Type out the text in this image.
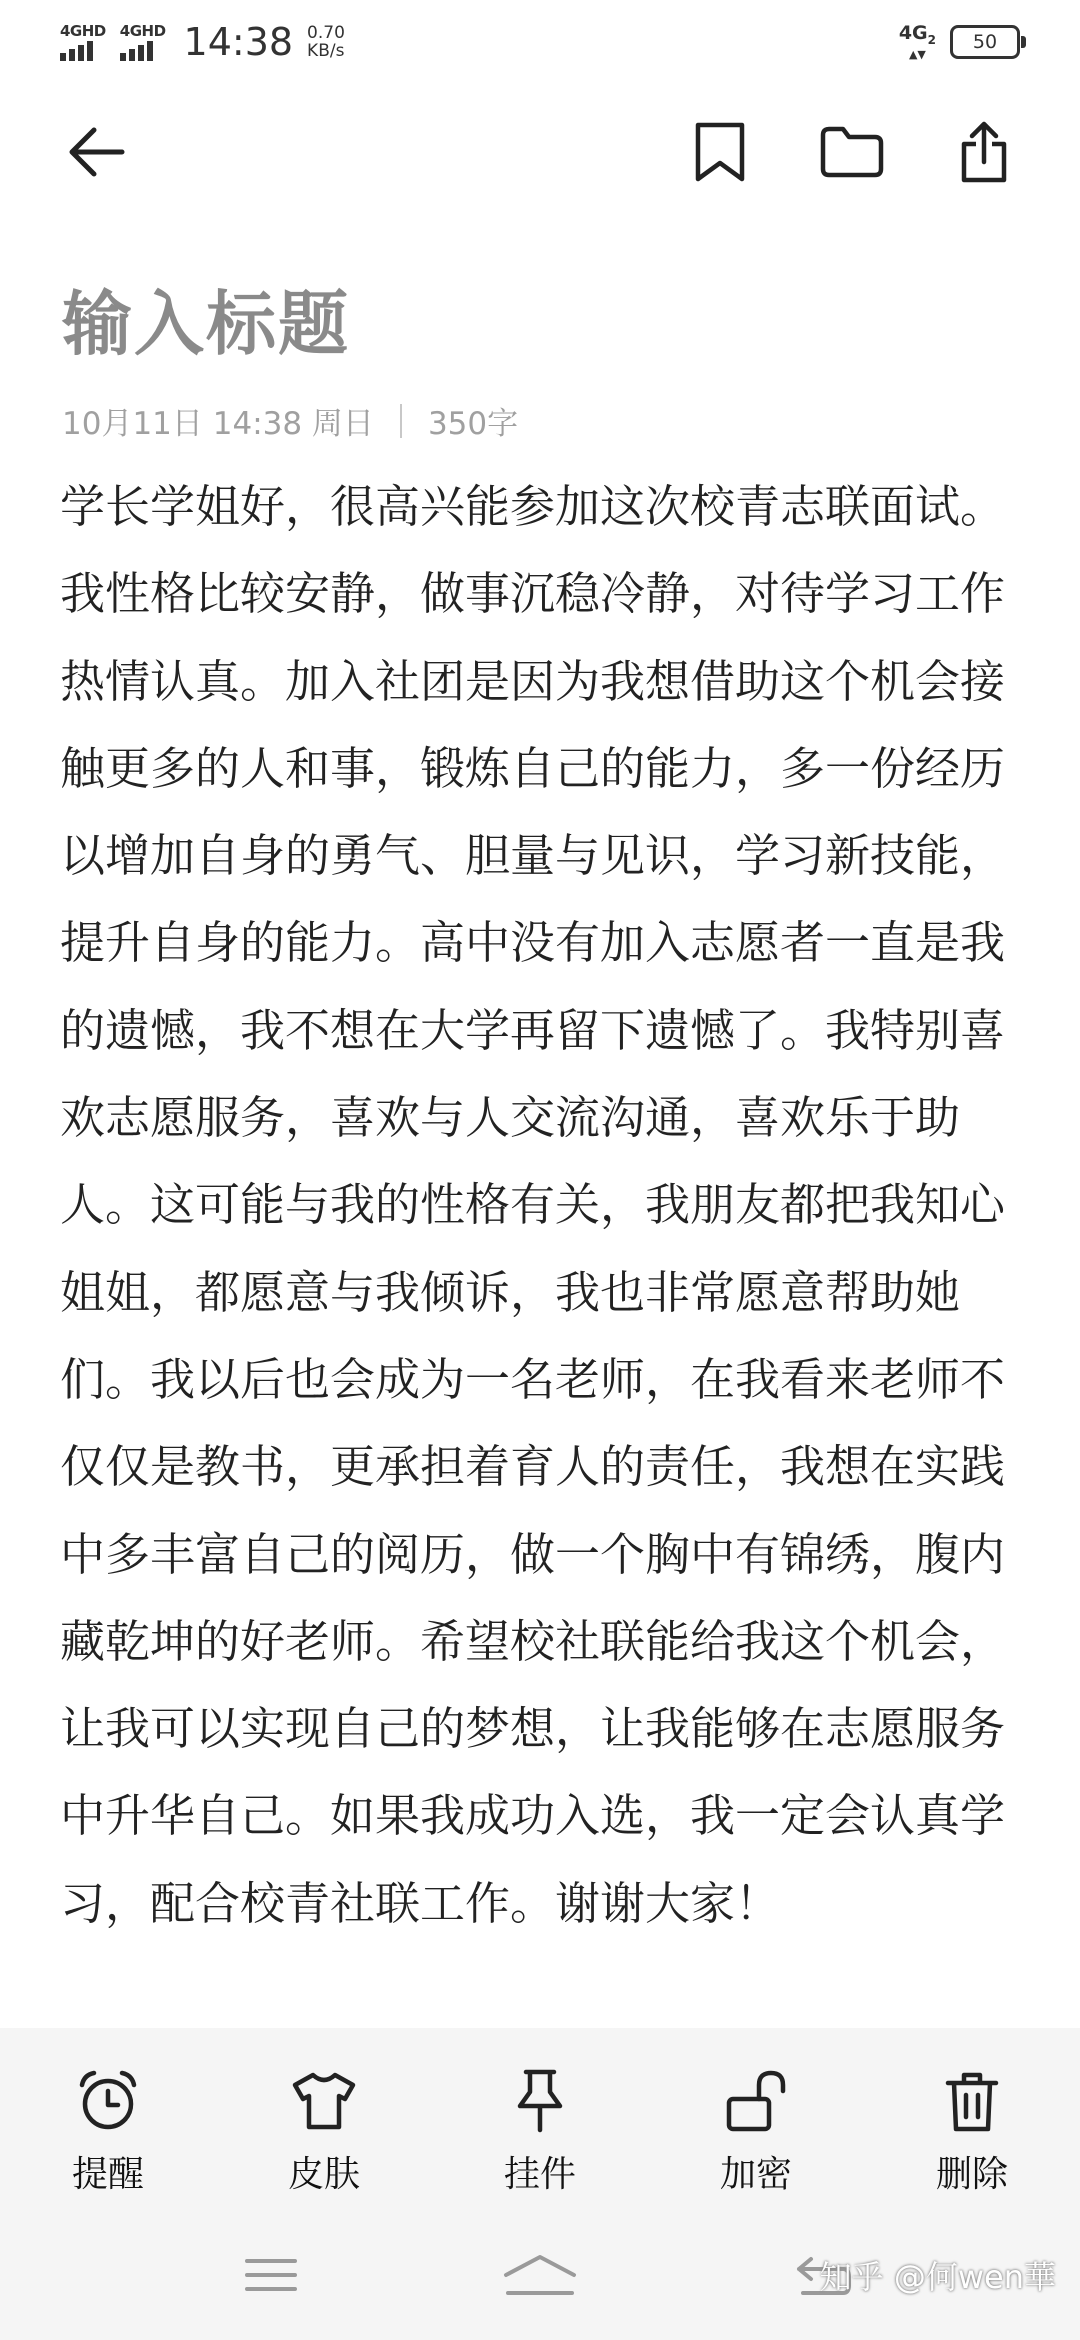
4GHD 4GHD 14:38 0.70
KB/s
$4G_2$
▲▼
50
输入标题
10月11日 14:38 周日 350字

学长学姐好，很高兴能参加这次校青志联面试。我性格比较安静，做事沉稳冷静，对待学习工作热情认真。加入社团是因为我想借助这个机会接触更多的人和事，锻炼自己的能力，多一份经历以增加自身的勇气、胆量与见识，学习新技能，提升自身的能力。高中没有加入志愿者一直是我的遗憾，我不想在大学再留下遗憾了。我特别喜欢志愿服务，喜欢与人交流沟通，喜欢乐于助人。这可能与我的性格有关，我朋友都把我知心姐姐，都愿意与我倾诉，我也非常愿意帮助她们。我以后也会成为一名老师，在我看来老师不仅仅是教书，更承担着育人的责任，我想在实践中多丰富自己的阅历，做一个胸中有锦绣，腹内藏乾坤的好老师。希望校社联能给我这个机会，让我可以实现自己的梦想，让我能够在志愿服务中升华自己。如果我成功入选，我一定会认真学习，配合校青社联工作。谢谢大家！

提醒	皮肤	挂件	加密	删除
知乎 @何wen華
